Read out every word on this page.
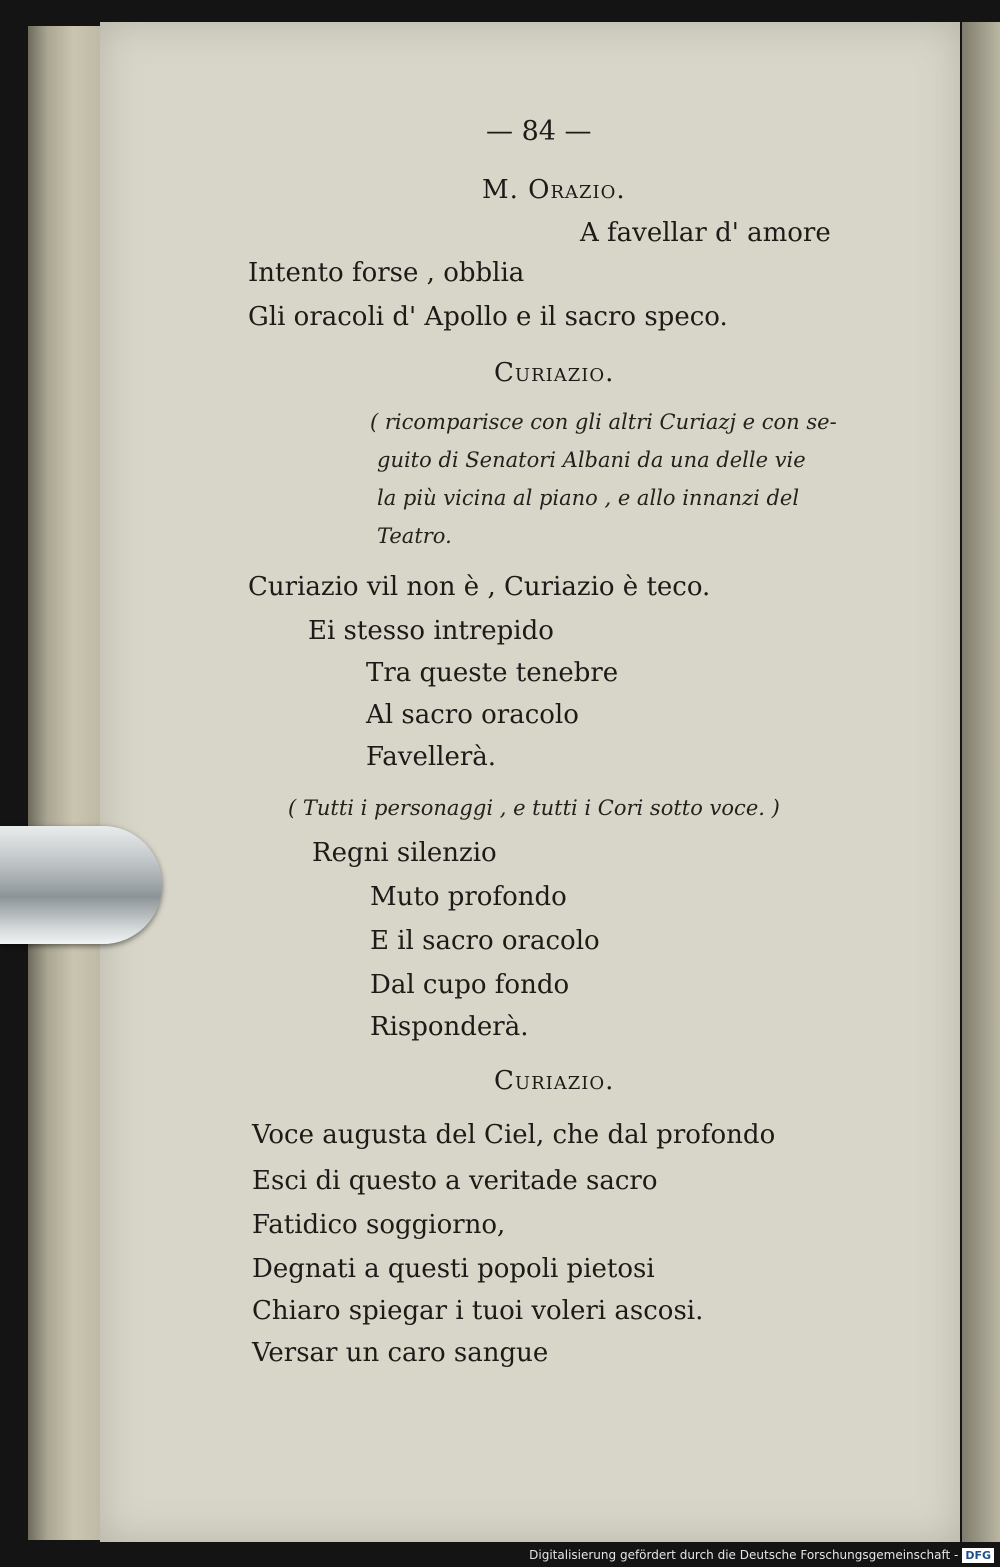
— 84 —
M. Orazio.
A favellar d' amore
Intento forse , obblia
Gli oracoli d' Apollo e il sacro speco.
Curiazio.
( ricomparisce con gli altri Curiazj e con se-
guito di Senatori Albani da una delle vie
la più vicina al piano , e allo innanzi del
Teatro.
Curiazio vil non è , Curiazio è teco.
Ei stesso intrepido
Tra queste tenebre
Al sacro oracolo
Favellerà.
( Tutti i personaggi , e tutti i Cori sotto voce. )
Regni silenzio
Muto profondo
E il sacro oracolo
Dal cupo fondo
Risponderà.
Curiazio.
Voce augusta del Ciel, che dal profondo
Esci di questo a veritade sacro
Fatidico soggiorno,
Degnati a questi popoli pietosi
Chiaro spiegar i tuoi voleri ascosi.
Versar un caro sangue
Digitalisierung gefördert durch die Deutsche Forschungsgemeinschaft - DFG
